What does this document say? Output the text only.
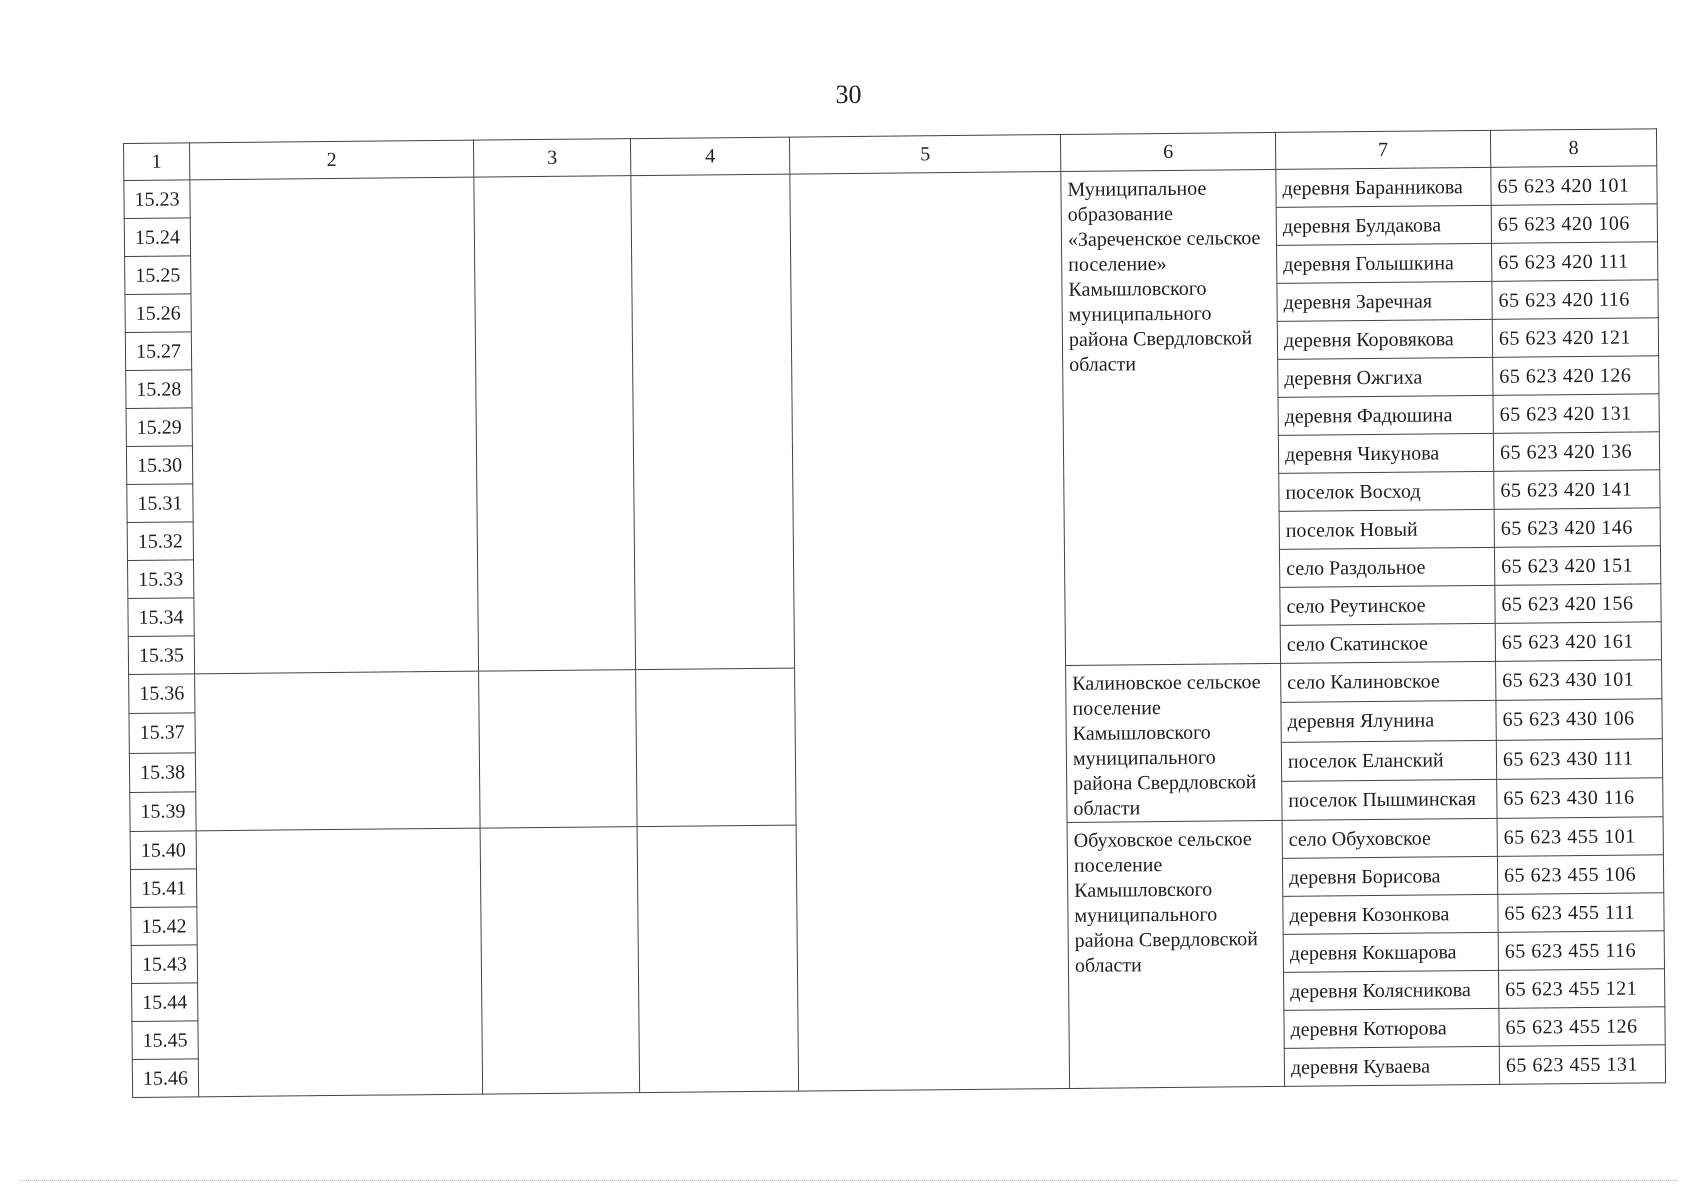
30
1	2	3	4	5	6	7	8
15.23					Муниципальное образование «Зареченское сельское поселение» Камышловского муниципального района Свердловской области	деревня Баранникова	65 623 420 101
15.24						деревня Булдакова	65 623 420 106
15.25						деревня Голышкина	65 623 420 111
15.26						деревня Заречная	65 623 420 116
15.27						деревня Коровякова	65 623 420 121
15.28						деревня Ожгиха	65 623 420 126
15.29						деревня Фадюшина	65 623 420 131
15.30						деревня Чикунова	65 623 420 136
15.31						поселок Восход	65 623 420 141
15.32						поселок Новый	65 623 420 146
15.33						село Раздольное	65 623 420 151
15.34						село Реутинское	65 623 420 156
15.35						село Скатинское	65 623 420 161
15.36					Калиновское сельское поселение Камышловского муниципального района Свердловской области	село Калиновское	65 623 430 101
15.37						деревня Ялунина	65 623 430 106
15.38						поселок Еланский	65 623 430 111
15.39						поселок Пышминская	65 623 430 116
15.40					Обуховское сельское поселение Камышловского муниципального района Свердловской области	село Обуховское	65 623 455 101
15.41						деревня Борисова	65 623 455 106
15.42						деревня Козонкова	65 623 455 111
15.43						деревня Кокшарова	65 623 455 116
15.44						деревня Колясникова	65 623 455 121
15.45						деревня Котюрова	65 623 455 126
15.46						деревня Куваева	65 623 455 131
